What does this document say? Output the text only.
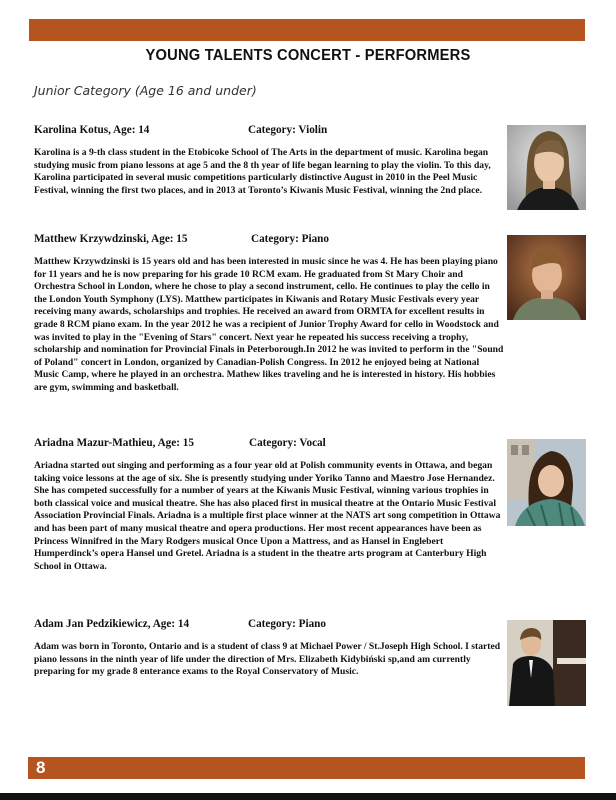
YOUNG TALENTS CONCERT - PERFORMERS
Junior Category (Age 16 and under)
Karolina Kotus, Age: 14	Category: Violin
Karolina is a 9-th class student in the Etobicoke School of The Arts in the department of music. Karolina began studying music from piano lessons at age 5 and the 8 th year of life began learning to play the violin. To this day, Karolina participated in several music competitions particularly distinctive August in 2010 in the Peel Music Festival, winning the first two places, and in 2013 at Toronto’s Kiwanis Music Festival, winning the 2nd place.
Matthew Krzywdzinski, Age: 15	Category: Piano
Matthew Krzywdzinski is 15 years old and has been interested in music since he was 4. He has been playing piano for 11 years and he is now preparing for his grade 10 RCM exam. He graduated from St Mary Choir and Orchestra School in London, where he chose to play a second instrument, cello. He continues to play the cello in the London Youth Symphony (LYS). Matthew participates in Kiwanis and Rotary Music Festivals every year receiving many awards, scholarships and trophies. He received an award from ORMTA for excellent results in grade 8 RCM piano exam. In the year 2012 he was a recipient of Junior Trophy Award for cello in Woodstock and was invited to play in the "Evening of Stars" concert. Next year he repeated his success receiving a trophy, scholarship and nomination for Provincial Finals in Peterborough.In 2012 he was invited to perform in the "Sound of Poland" concert in London, organized by Canadian-Polish Congress. In 2012 he enjoyed being at National Music Camp, where he played in an orchestra. Mathew likes traveling and he is interested in history. His hobbies are gym, swimming and basketball.
Ariadna Mazur-Mathieu, Age: 15	Category: Vocal
Ariadna started out singing and performing as a four year old at Polish community events in Ottawa, and began taking voice lessons at the age of six. She is presently studying under Yoriko Tanno and Maestro Jose Hernandez. She has competed successfully for a number of years at the Kiwanis Music Festival, winning various trophies in both classical voice and musical theatre. She has also placed first in musical theatre at the Ontario Music Festival Association Provincial Finals. Ariadna is a multiple first place winner at the NATS art song competition in Ottawa and has been part of many musical theatre and opera productions. Her most recent appearances have been as Princess Winnifred in the Mary Rodgers musical Once Upon a Mattress, and as Hansel in Englebert Humperdinck’s opera Hansel und Gretel. Ariadna is a student in the theatre arts program at Canterbury High School in Ottawa.
Adam Jan Pedzikiewicz, Age: 14	Category: Piano
Adam was born in Toronto, Ontario and is a student of class 9 at Michael Power / St.Joseph High School. I started piano lessons in the ninth year of life under the direction of Mrs. Elizabeth Kidybiński sp,and am currently preparing for my grade 8 enterance exams to the Royal Conservatory of Music.
8
